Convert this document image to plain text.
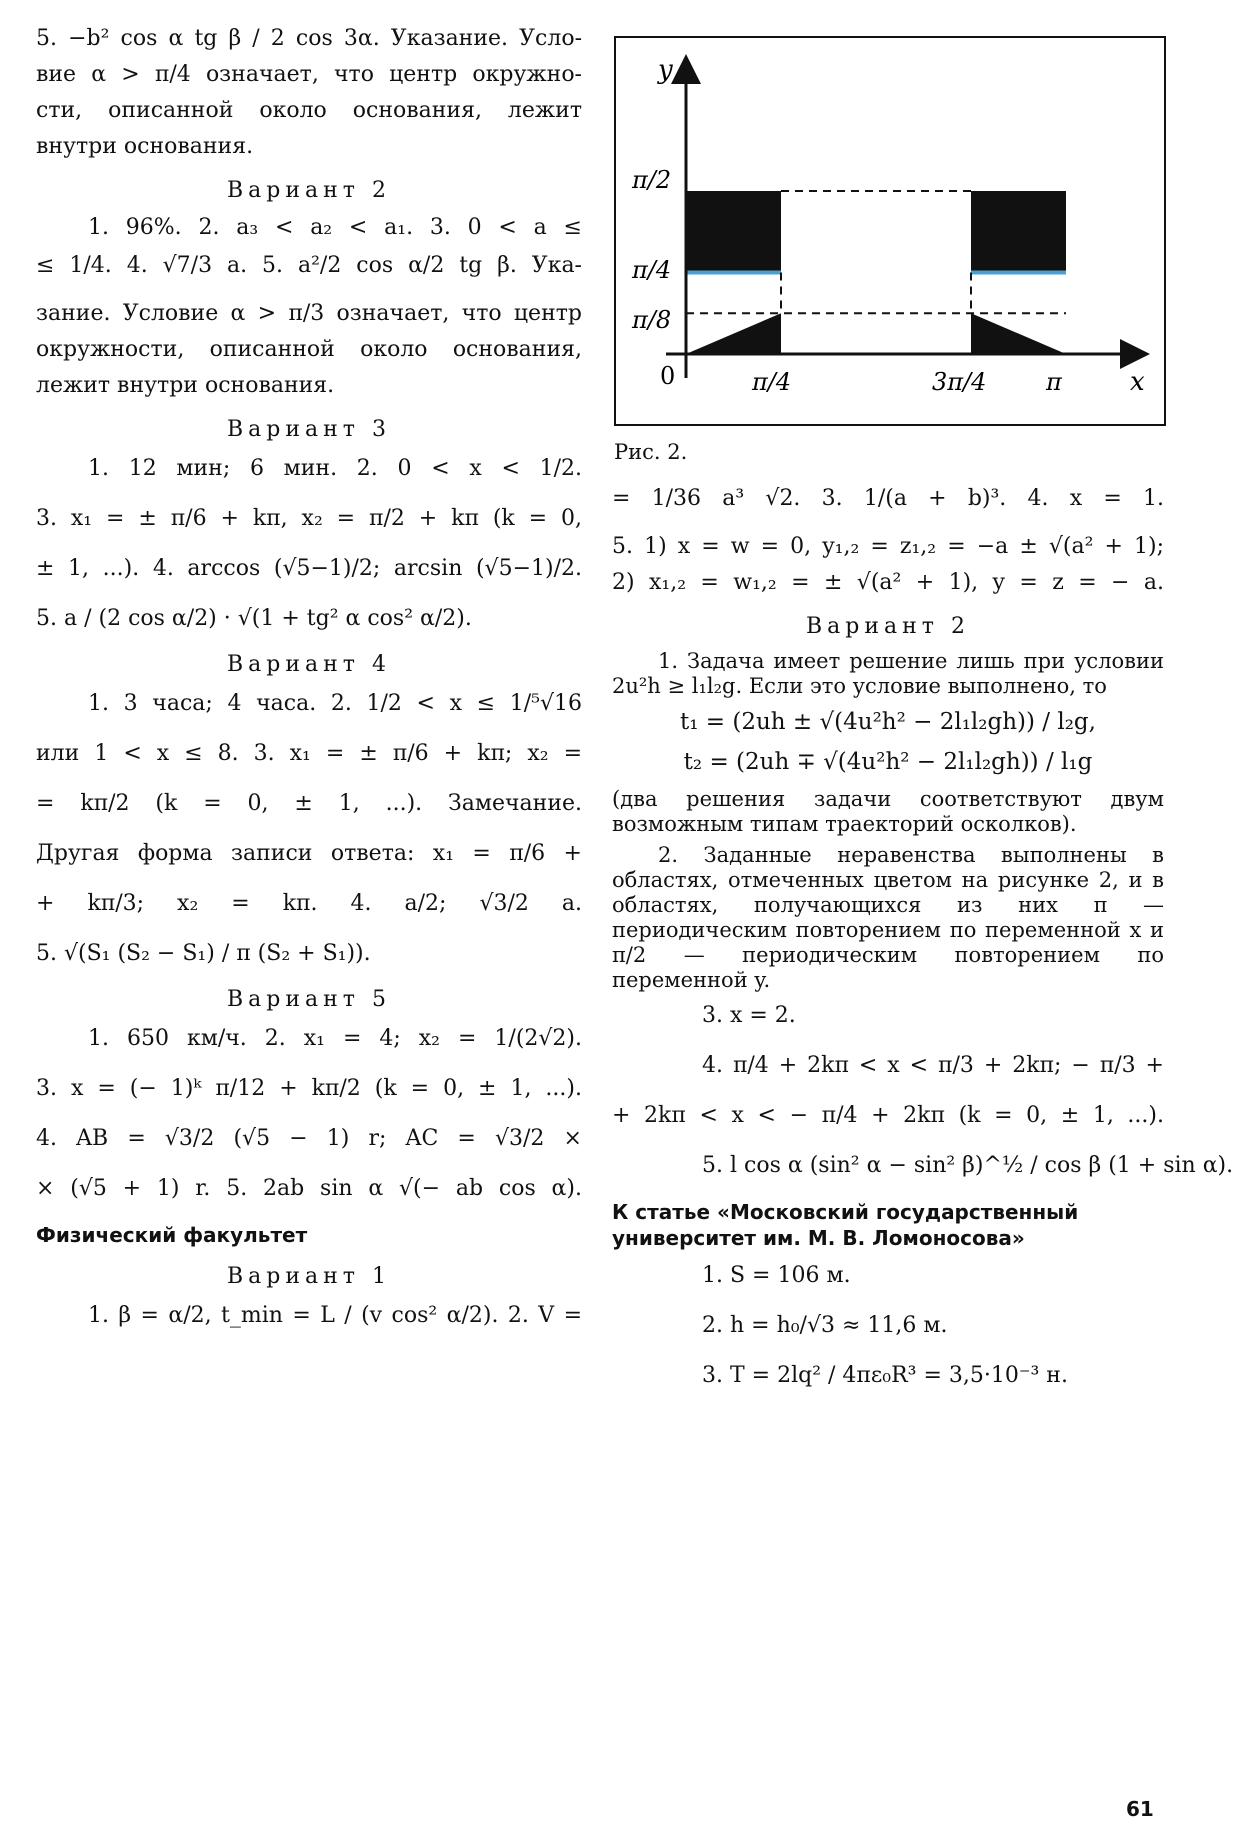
5. −b² cos α tg β / 2 cos 3α. Указание. Усло-
вие α > π/4 означает, что центр окружно-
сти, описанной около основания, лежит
внутри основания.
Вариант 2
1. 96%. 2. a₃ < a₂ < a₁. 3. 0 < a ≤
≤ 1/4. 4. √7/3 a. 5. a²/2 cos α/2 tg β. Ука-
зание. Условие α > π/3 означает, что центр
окружности, описанной около основания,
лежит внутри основания.
Вариант 3
1. 12 мин; 6 мин. 2. 0 < x < 1/2.
3. x₁ = ± π/6 + kπ, x₂ = π/2 + kπ (k = 0,
± 1, ...). 4. arccos (√5−1)/2; arcsin (√5−1)/2.
5. a / (2 cos α/2) · √(1 + tg² α cos² α/2).
Вариант 4
1. 3 часа; 4 часа. 2. 1/2 < x ≤ 1/⁵√16
или 1 < x ≤ 8. 3. x₁ = ± π/6 + kπ; x₂ =
= kπ/2 (k = 0, ± 1, ...). Замечание.
Другая форма записи ответа: x₁ = π/6 +
+ kπ/3; x₂ = kπ. 4. a/2; √3/2 a.
5. √(S₁ (S₂ − S₁) / π (S₂ + S₁)).
Вариант 5
1. 650 км/ч. 2. x₁ = 4; x₂ = 1/(2√2).
3. x = (− 1)ᵏ π/12 + kπ/2 (k = 0, ± 1, ...).
4. AB = √3/2 (√5 − 1) r; AC = √3/2 ×
× (√5 + 1) r. 5. 2ab sin α √(− ab cos α).
Физический факультет
Вариант 1
1. β = α/2, t_min = L / (v cos² α/2). 2. V =
y
x
0
π/2
π/4
π/8
π/4	3π/4 π
Рис. 2.
= 1/36 a³ √2. 3. 1/(a + b)³. 4. x = 1.
5. 1) x = w = 0, y₁,₂ = z₁,₂ = −a ± √(a² + 1);
2) x₁,₂ = w₁,₂ = ± √(a² + 1), y = z = − a.
Вариант 2
1. Задача имеет решение лишь при условии 2u²h ≥ l₁l₂g. Если это условие выполнено, то
t₁ = (2uh ± √(4u²h² − 2l₁l₂gh)) / l₂g,
t₂ = (2uh ∓ √(4u²h² − 2l₁l₂gh)) / l₁g
(два решения задачи соответствуют двум возможным типам траекторий осколков).
2. Заданные неравенства выполнены в областях, отмеченных цветом на рисунке 2, и в областях, получающихся из них π — периодическим повторением по переменной x и π/2 — периодическим повторением по переменной y.
3. x = 2.
4. π/4 + 2kπ < x < π/3 + 2kπ; − π/3 +
+ 2kπ < x < − π/4 + 2kπ (k = 0, ± 1, ...).
5. l cos α (sin² α − sin² β)^½ / cos β (1 + sin α).
К статье «Московский государственный университет им. М. В. Ломоносова»
1. S = 106 м.
2. h = h₀/√3 ≈ 11,6 м.
3. T = 2lq² / 4πε₀R³ = 3,5·10⁻³ н.
61
